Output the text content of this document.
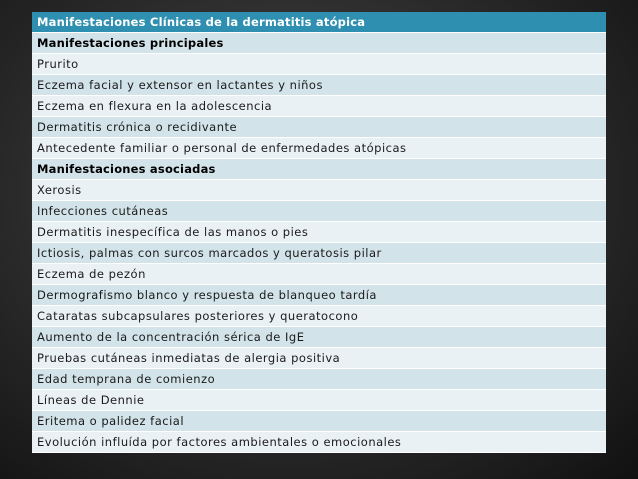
Manifestaciones Clínicas de la dermatitis atópica
Manifestaciones principales
Prurito
Eczema facial y extensor en lactantes y niños
Eczema en flexura en la adolescencia
Dermatitis crónica o recidivante
Antecedente familiar o personal de enfermedades atópicas
Manifestaciones asociadas
Xerosis
Infecciones cutáneas
Dermatitis inespecífica de las manos o pies
Ictiosis, palmas con surcos marcados y queratosis pilar
Eczema de pezón
Dermografismo blanco y respuesta de blanqueo tardía
Cataratas subcapsulares posteriores y queratocono
Aumento de la concentración sérica de IgE
Pruebas cutáneas inmediatas de alergia positiva
Edad temprana de comienzo
Líneas de Dennie
Eritema o palidez facial
Evolución influída por factores ambientales o emocionales
